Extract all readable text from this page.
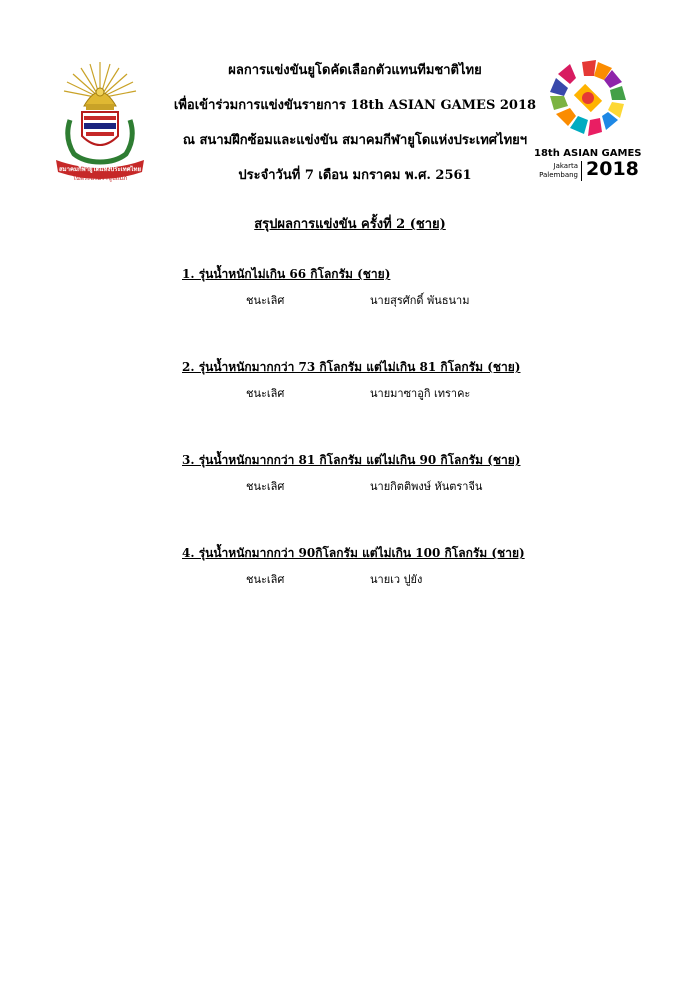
18th ASIAN GAMES
Jakarta
Palembang 2018
สมาคมกีฬายูโดแห่งประเทศไทย
ในพระบรมราชูปถัมภ์
ผลการแข่งขันยูโดคัดเลือกตัวแทนทีมชาติไทย
เพื่อเข้าร่วมการแข่งขันรายการ 18th ASIAN GAMES 2018
ณ สนามฝึกซ้อมและแข่งขัน สมาคมกีฬายูโดแห่งประเทศไทยฯ
ประจำวันที่ 7 เดือน มกราคม พ.ศ. 2561
สรุปผลการแข่งขัน ครั้งที่ 2 (ชาย)
1. รุ่นน้ำหนักไม่เกิน 66 กิโลกรัม (ชาย)
ชนะเลิศ	นายสุรศักดิ์ พันธนาม
2. รุ่นน้ำหนักมากกว่า 73 กิโลกรัม แต่ไม่เกิน 81 กิโลกรัม (ชาย)
ชนะเลิศ	นายมาซาอูกิ เทราคะ
3. รุ่นน้ำหนักมากกว่า 81 กิโลกรัม แต่ไม่เกิน 90 กิโลกรัม (ชาย)
ชนะเลิศ	นายกิตติพงษ์ หันตราจีน
4. รุ่นน้ำหนักมากกว่า 90กิโลกรัม แต่ไม่เกิน 100 กิโลกรัม (ชาย)
ชนะเลิศ	นายเว ปูยัง
